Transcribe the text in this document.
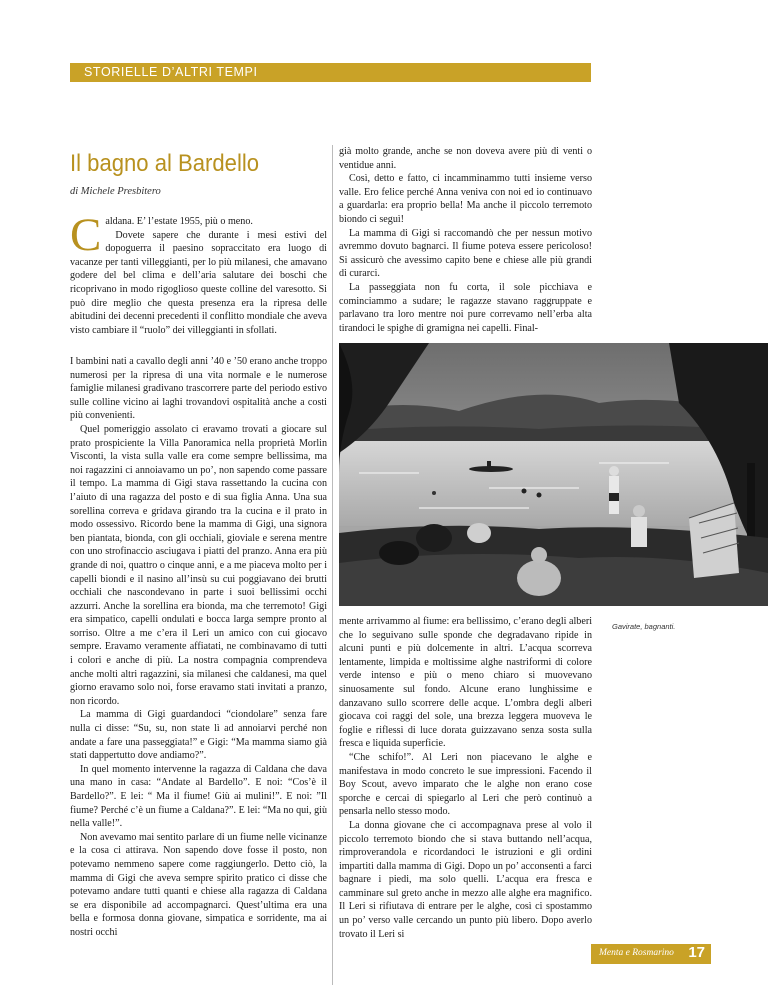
STORIELLE D’ALTRI TEMPI
Il bagno al Bardello
di Michele Presbitero
C aldana. E’ l’estate 1955, più o meno.

Dovete sapere che durante i mesi estivi del dopoguerra il paesino sopraccitato era luogo di vacanze per tanti villeggianti, per lo più milanesi, che amavano godere del bel clima e dell’aria salutare dei boschi che ricoprivano in modo rigoglioso queste colline del varesotto. Si può dire meglio che questa presenza era la ripresa delle abitudini dei decenni precedenti il conflitto mondiale che aveva visto cambiare il “ruolo” dei villeggianti in sfollati.

I bambini nati a cavallo degli anni ’40 e ’50 erano anche troppo numerosi per la ripresa di una vita normale e le numerose famiglie milanesi gradivano trascorrere parte del periodo estivo sulle colline vicino ai laghi trovandovi ospitalità anche a costi più convenienti.

Quel pomeriggio assolato ci eravamo trovati a giocare sul prato prospiciente la Villa Panoramica nella proprietà Morlin Visconti, la vista sulla valle era come sempre bellissima, ma noi ragazzini ci annoiavamo un po’, non sapendo come passare il tempo. La mamma di Gigi stava rassettando la cucina con l’aiuto di una ragazza del posto e di sua figlia Anna. Una sua sorellina correva e gridava girando tra la cucina e il prato in modo ossessivo. Ricordo bene la mamma di Gigi, una signora ben piantata, bionda, con gli occhiali, gioviale e serena mentre con uno strofinaccio asciugava i piatti del pranzo. Anna era più grande di noi, quattro o cinque anni, e a me piaceva molto per i capelli biondi e il nasino all’insù su cui poggiavano dei brutti occhiali che nascondevano in parte i suoi bellissimi occhi azzurri. Anche la sorellina era bionda, ma che terremoto! Gigi era simpatico, capelli ondulati e bocca larga sempre pronto al sorriso. Oltre a me c’era il Leri un amico con cui giocavo sempre. Eravamo veramente affiatati, ne combinavamo di tutti i colori e anche di più. La nostra compagnia comprendeva anche molti altri ragazzini, sia milanesi che caldanesi, ma quel giorno eravamo solo noi, forse eravamo stati invitati a pranzo, non ricordo.

La mamma di Gigi guardandoci “ciondolare” senza fare nulla ci disse: “Su, su, non state lì ad annoiarvi perché non andate a fare una passeggiata!” e Gigi: “Ma mamma siamo già stati dappertutto dove andiamo?”.

In quel momento intervenne la ragazza di Caldana che dava una mano in casa: “Andate al Bardello”. E noi: “Cos’è il Bardello?”. E lei: “ Ma il fiume! Giù ai mulini!”. E noi: ”Il fiume? Perché c’è un fiume a Caldana?”. E lei: “Ma no qui, giù nella valle!”.

Non avevamo mai sentito parlare di un fiume nelle vicinanze e la cosa ci attirava. Non sapendo dove fosse il posto, non potevamo nemmeno sapere come raggiungerlo. Detto ciò, la mamma di Gigi che aveva sempre spirito pratico ci disse che potevamo andare tutti quanti e chiese alla ragazza di Caldana se era disponibile ad accompagnarci. Quest’ultima era una bella e formosa donna giovane, simpatica e sorridente, ma ai nostri occhi

già molto grande, anche se non doveva avere più di venti o ventidue anni.

Così, detto e fatto, ci incamminammo tutti insieme verso valle. Ero felice perché Anna veniva con noi ed io continuavo a guardarla: era proprio bella! Ma anche il piccolo terremoto biondo ci seguì!

La mamma di Gigi si raccomandò che per nessun motivo avremmo dovuto bagnarci. Il fiume poteva essere pericoloso! Si assicurò che avessimo capito bene e chiese alle più grandi di curarci.

La passeggiata non fu corta, il sole picchiava e cominciammo a sudare; le ragazze stavano raggruppate e parlavano tra loro mentre noi pure correvamo nell’erba alta tirandoci le spighe di gramigna nei capelli. Final-

Gavirate, bagnanti.

mente arrivammo al fiume: era bellissimo, c’erano degli alberi che lo seguivano sulle sponde che degradavano ripide in alcuni punti e più dolcemente in altri. L’acqua scorreva lentamente, limpida e moltissime alghe nastriformi di colore verde intenso e più o meno chiaro si muovevano sinuosamente sul fondo. Alcune erano lunghissime e danzavano sullo scorrere delle acque. L’ombra degli alberi giocava coi raggi del sole, una brezza leggera muoveva le foglie e riflessi di luce dorata guizzavano senza sosta sulla fresca e liquida superficie.

“Che schifo!”. Al Leri non piacevano le alghe e manifestava in modo concreto le sue impressioni. Facendo il Boy Scout, avevo imparato che le alghe non erano cose sporche e cercai di spiegarlo al Leri che però continuò a pensarla nello stesso modo.

La donna giovane che ci accompagnava prese al volo il piccolo terremoto biondo che si stava buttando nell’acqua, rimproverandola e ricordandoci le istruzioni e gli ordini impartiti dalla mamma di Gigi. Dopo un po’ acconsentì a farci bagnare i piedi, ma solo quelli. L’acqua era fresca e camminare sul greto anche in mezzo alle alghe era magnifico. Il Leri si rifiutava di entrare per le alghe, così ci spostammo un po’ verso valle cercando un punto più libero. Dopo averlo trovato il Leri si

Menta e Rosmarino 17
